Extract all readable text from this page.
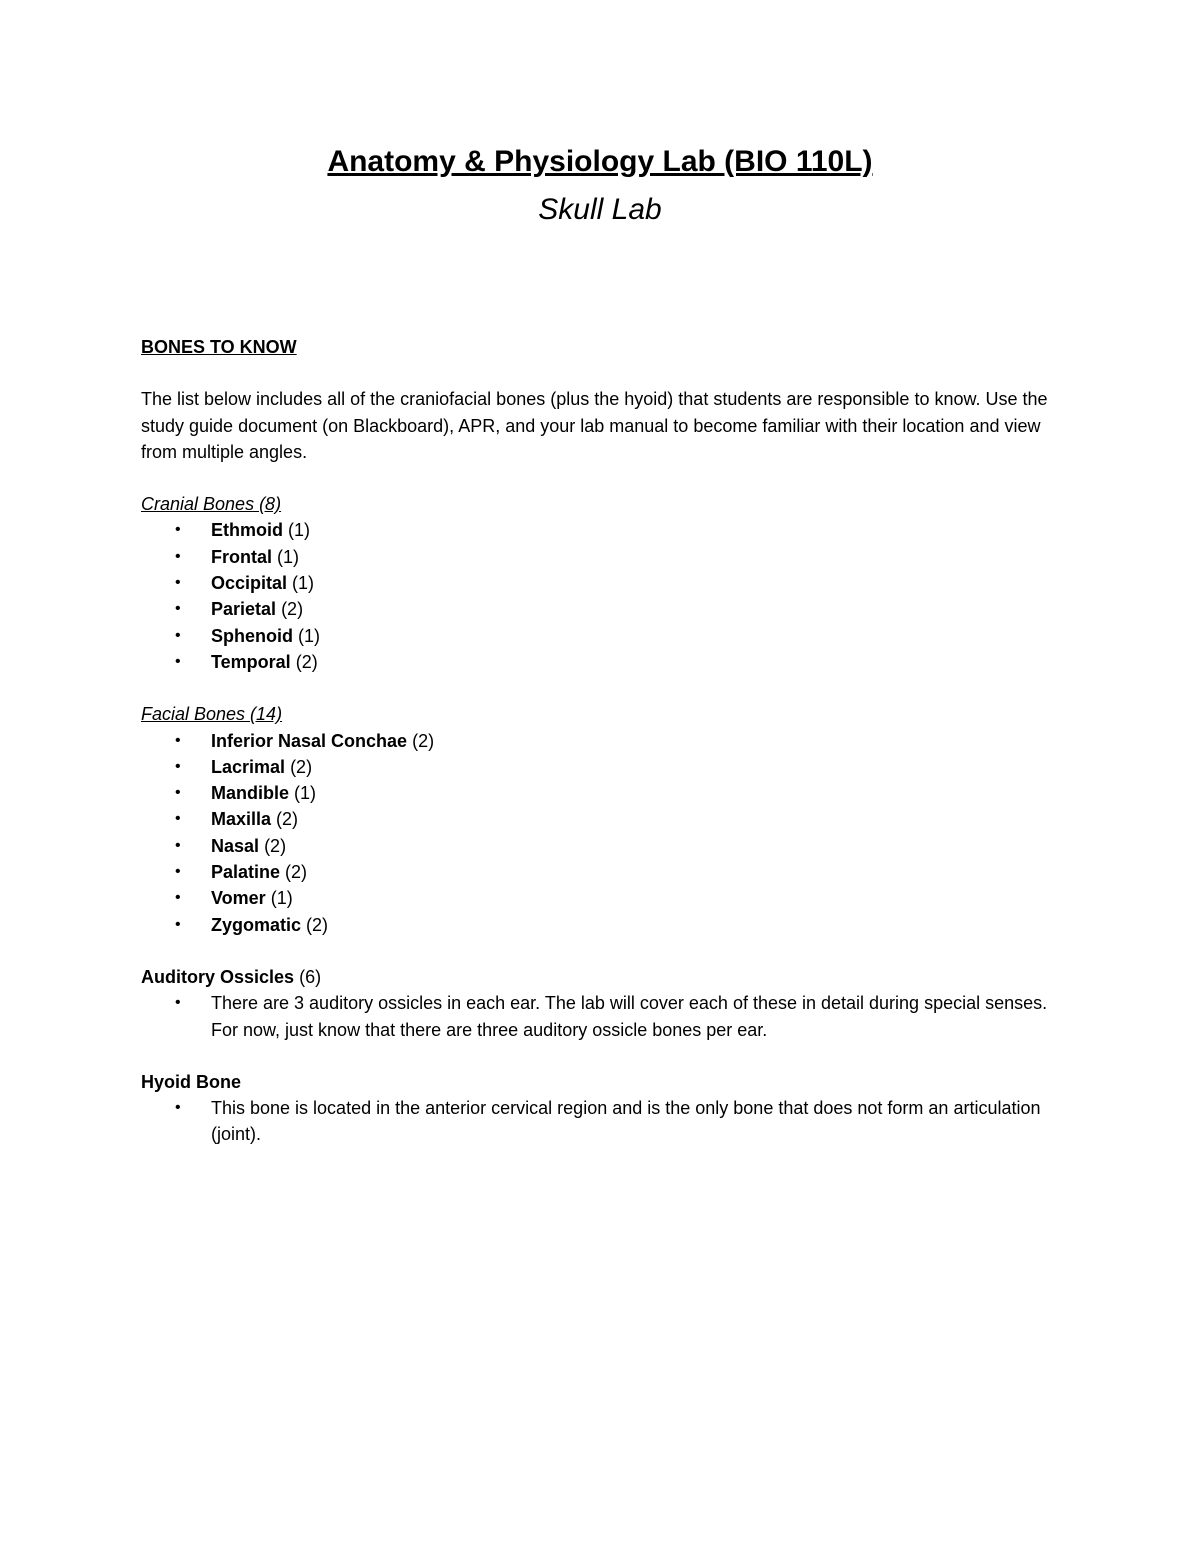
Anatomy & Physiology Lab (BIO 110L)
Skull Lab

BONES TO KNOW

The list below includes all of the craniofacial bones (plus the hyoid) that students are responsible to know. Use the study guide document (on Blackboard), APR, and your lab manual to become familiar with their location and view from multiple angles.

Cranial Bones (8)

• Ethmoid (1)
• Frontal (1)
• Occipital (1)
• Parietal (2)
• Sphenoid (1)
• Temporal (2)

Facial Bones (14)

• Inferior Nasal Conchae (2)
• Lacrimal (2)
• Mandible (1)
• Maxilla (2)
• Nasal (2)
• Palatine (2)
• Vomer (1)
• Zygomatic (2)

Auditory Ossicles (6)

• There are 3 auditory ossicles in each ear. The lab will cover each of these in detail during special senses. For now, just know that there are three auditory ossicle bones per ear.

Hyoid Bone

• This bone is located in the anterior cervical region and is the only bone that does not form an articulation (joint).
